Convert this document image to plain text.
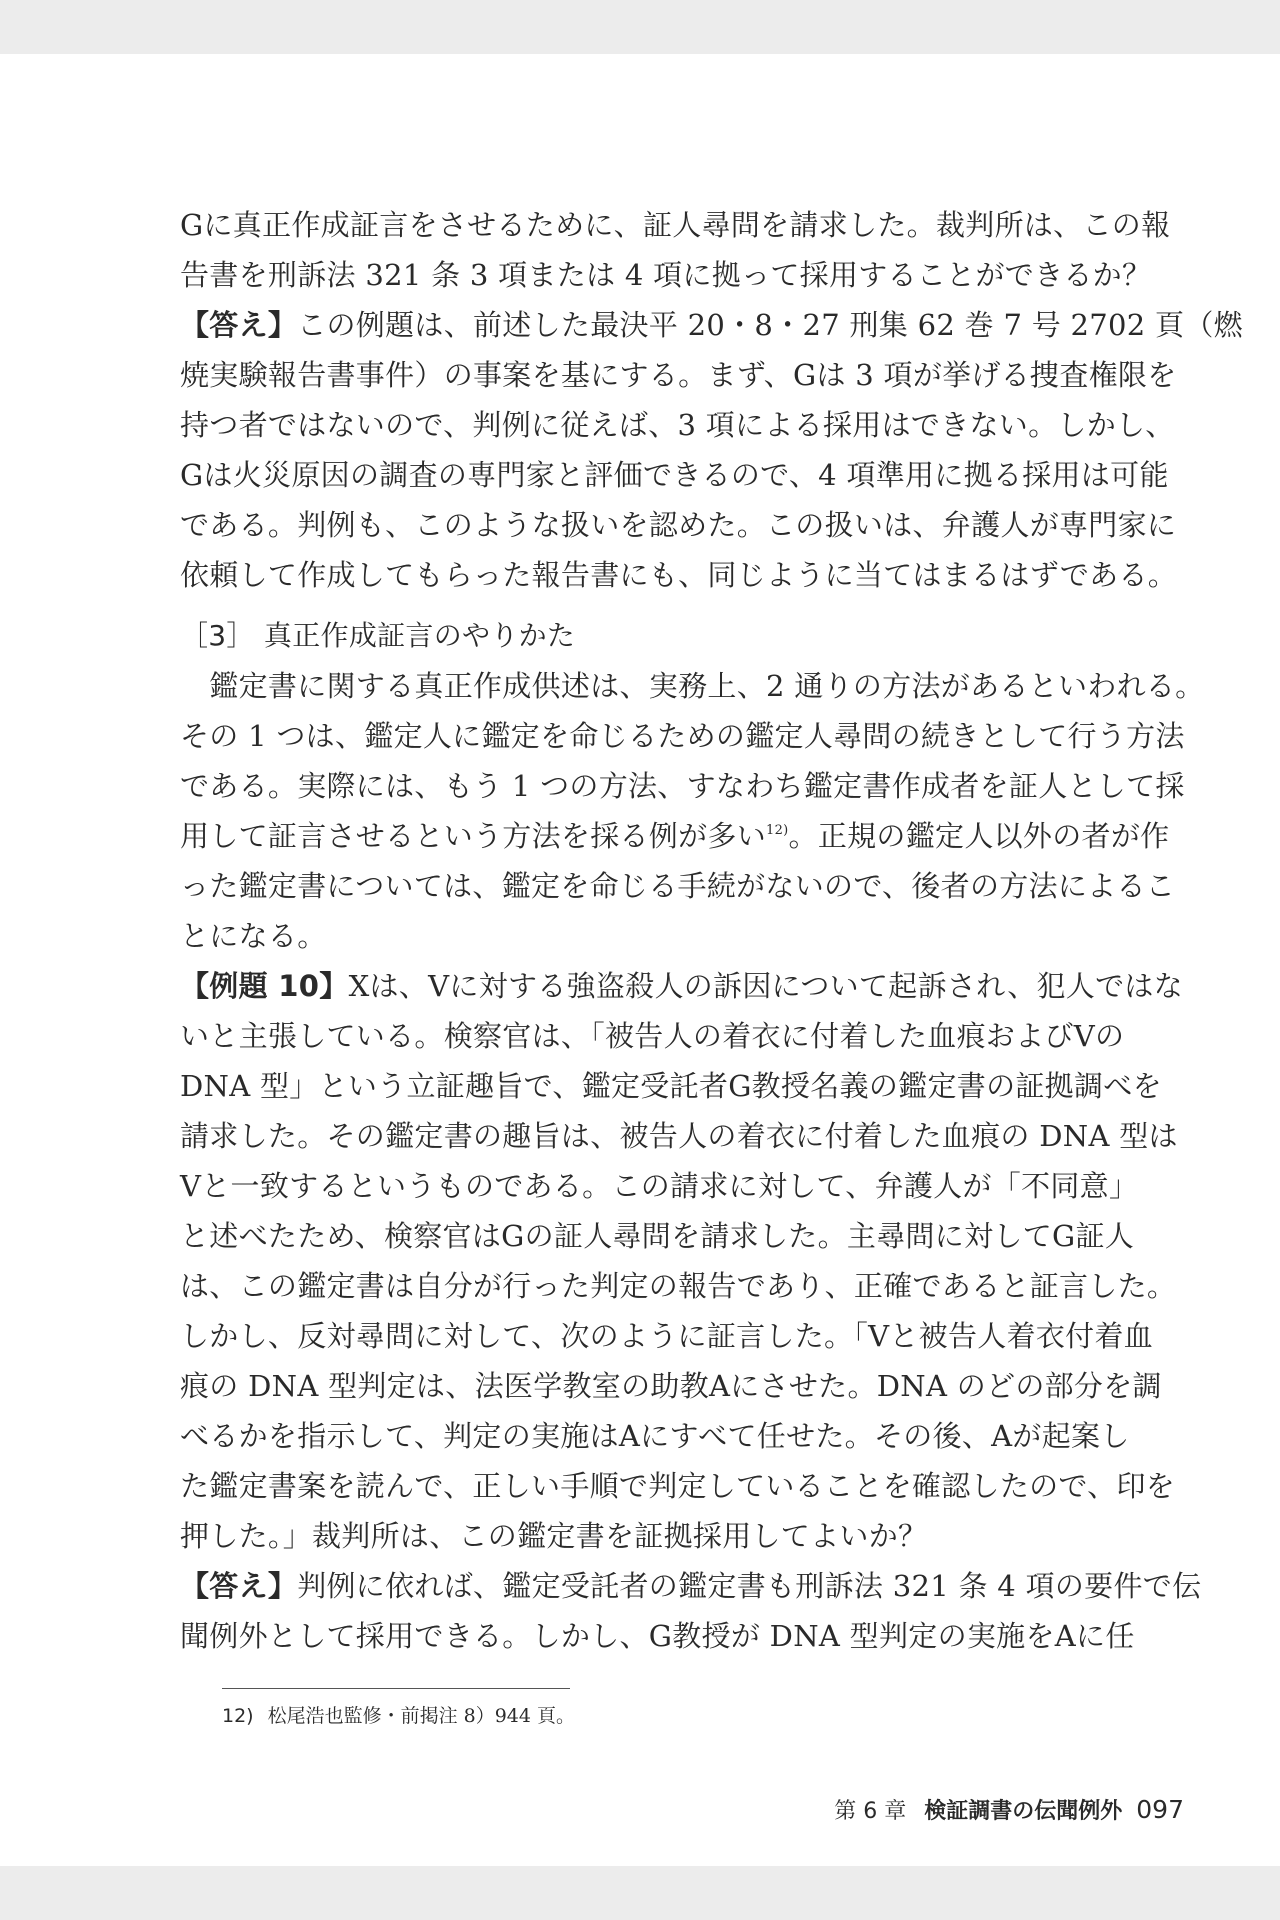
Gに真正作成証言をさせるために、証人尋問を請求した。裁判所は、この報
告書を刑訴法 321 条 3 項または 4 項に拠って採用することができるか？
【答え】この例題は、前述した最決平 20・8・27 刑集 62 巻 7 号 2702 頁（燃
焼実験報告書事件）の事案を基にする。まず、Gは 3 項が挙げる捜査権限を
持つ者ではないので、判例に従えば、3 項による採用はできない。しかし、
Gは火災原因の調査の専門家と評価できるので、4 項準用に拠る採用は可能
である。判例も、このような扱いを認めた。この扱いは、弁護人が専門家に
依頼して作成してもらった報告書にも、同じように当てはまるはずである。
［3］ 真正作成証言のやりかた
　鑑定書に関する真正作成供述は、実務上、2 通りの方法があるといわれる。
その 1 つは、鑑定人に鑑定を命じるための鑑定人尋問の続きとして行う方法
である。実際には、もう 1 つの方法、すなわち鑑定書作成者を証人として採
用して証言させるという方法を採る例が多い$^{12)}$。正規の鑑定人以外の者が作
った鑑定書については、鑑定を命じる手続がないので、後者の方法によるこ
とになる。
【例題 10】Xは、Vに対する強盗殺人の訴因について起訴され、犯人ではな
いと主張している。検察官は、「被告人の着衣に付着した血痕およびVの
DNA 型」という立証趣旨で、鑑定受託者G教授名義の鑑定書の証拠調べを
請求した。その鑑定書の趣旨は、被告人の着衣に付着した血痕の DNA 型は
Vと一致するというものである。この請求に対して、弁護人が「不同意」
と述べたため、検察官はGの証人尋問を請求した。主尋問に対してG証人
は、この鑑定書は自分が行った判定の報告であり、正確であると証言した。
しかし、反対尋問に対して、次のように証言した。「Vと被告人着衣付着血
痕の DNA 型判定は、法医学教室の助教Aにさせた。DNA のどの部分を調
べるかを指示して、判定の実施はAにすべて任せた。その後、Aが起案し
た鑑定書案を読んで、正しい手順で判定していることを確認したので、印を
押した。」裁判所は、この鑑定書を証拠採用してよいか？
【答え】判例に依れば、鑑定受託者の鑑定書も刑訴法 321 条 4 項の要件で伝
聞例外として採用できる。しかし、G教授が DNA 型判定の実施をAに任
12) 松尾浩也監修・前掲注 8）944 頁。
第 6 章 検証調書の伝聞例外 097
